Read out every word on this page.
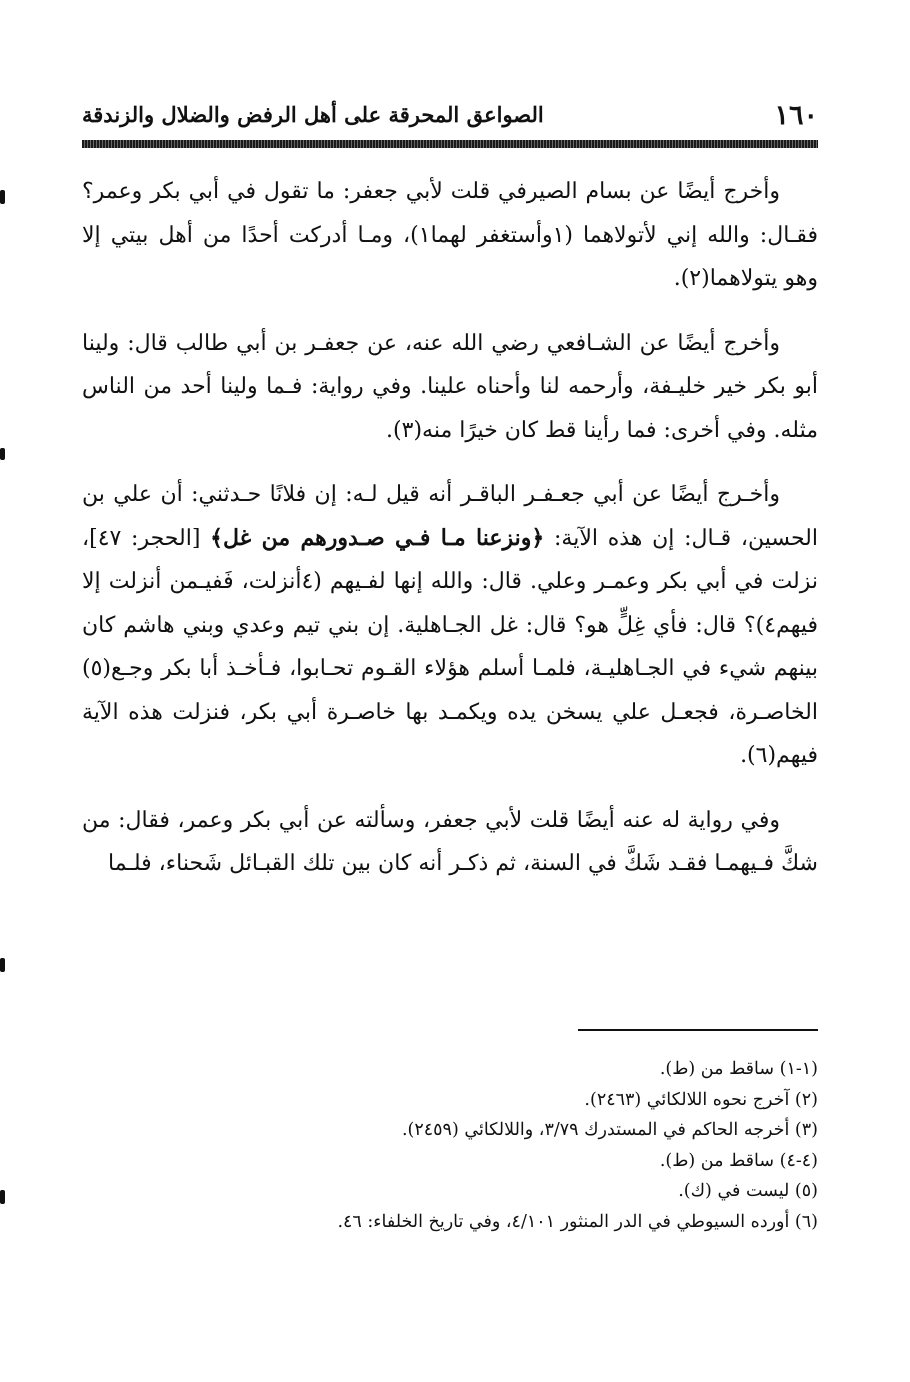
١٦٠
الصواعق المحرقة على أهل الرفض والضلال والزندقة

وأخرج أيضًا عن بسام الصيرفي قلت لأبي جعفر: ما تقول في أبي بكر وعمر؟ فقـال: والله إني لأتولاهما (١وأستغفر لهما١)، ومـا أدركت أحدًا من أهل بيتي إلا وهو يتولاهما(٢).

وأخرج أيضًا عن الشـافعي رضي الله عنه، عن جعفـر بن أبي طالب قال: ولينا أبو بكر خير خليـفة، وأرحمه لنا وأحناه علينا. وفي رواية: فـما ولينا أحد من الناس مثله. وفي أخرى: فما رأينا قط كان خيرًا منه(٣).

وأخـرج أيضًا عن أبي جعـفـر الباقـر أنه قيل لـه: إن فلانًا حـدثني: أن علي بن الحسين، قـال: إن هذه الآية: ﴿ونزعنا مـا فـي صـدورهم من غل﴾ [الحجر: ٤٧]، نزلت في أبي بكر وعمـر وعلي. قال: والله إنها لفـيهم (٤أنزلت، فَفيـمن أنزلت إلا فيهم٤)؟ قال: فأي غِلٍّ هو؟ قال: غل الجـاهلية. إن بني تيم وعدي وبني هاشم كان بينهم شيء في الجـاهليـة، فلمـا أسلم هؤلاء القـوم تحـابوا، فـأخـذ أبا بكر وجـع(٥) الخاصـرة، فجعـل علي يسخن يده ويكمـد بها خاصـرة أبي بكر، فنزلت هذه الآية فيهم(٦).

وفي رواية له عنه أيضًا قلت لأبي جعفر، وسألته عن أبي بكر وعمر، فقال: من شكَّ فـيهمـا فقـد شَكَّ في السنة، ثم ذكـر أنه كان بين تلك القبـائل شَحناء، فلـما

(١-١) ساقط من (ط).
(٢) آخرج نحوه اللالكائي (٢٤٦٣).
(٣) أخرجه الحاكم في المستدرك ٣/٧٩، واللالكائي (٢٤٥٩).
(٤-٤) ساقط من (ط).
(٥) ليست في (ك).
(٦) أورده السيوطي في الدر المنثور ٤/١٠١، وفي تاريخ الخلفاء: ٤٦.
